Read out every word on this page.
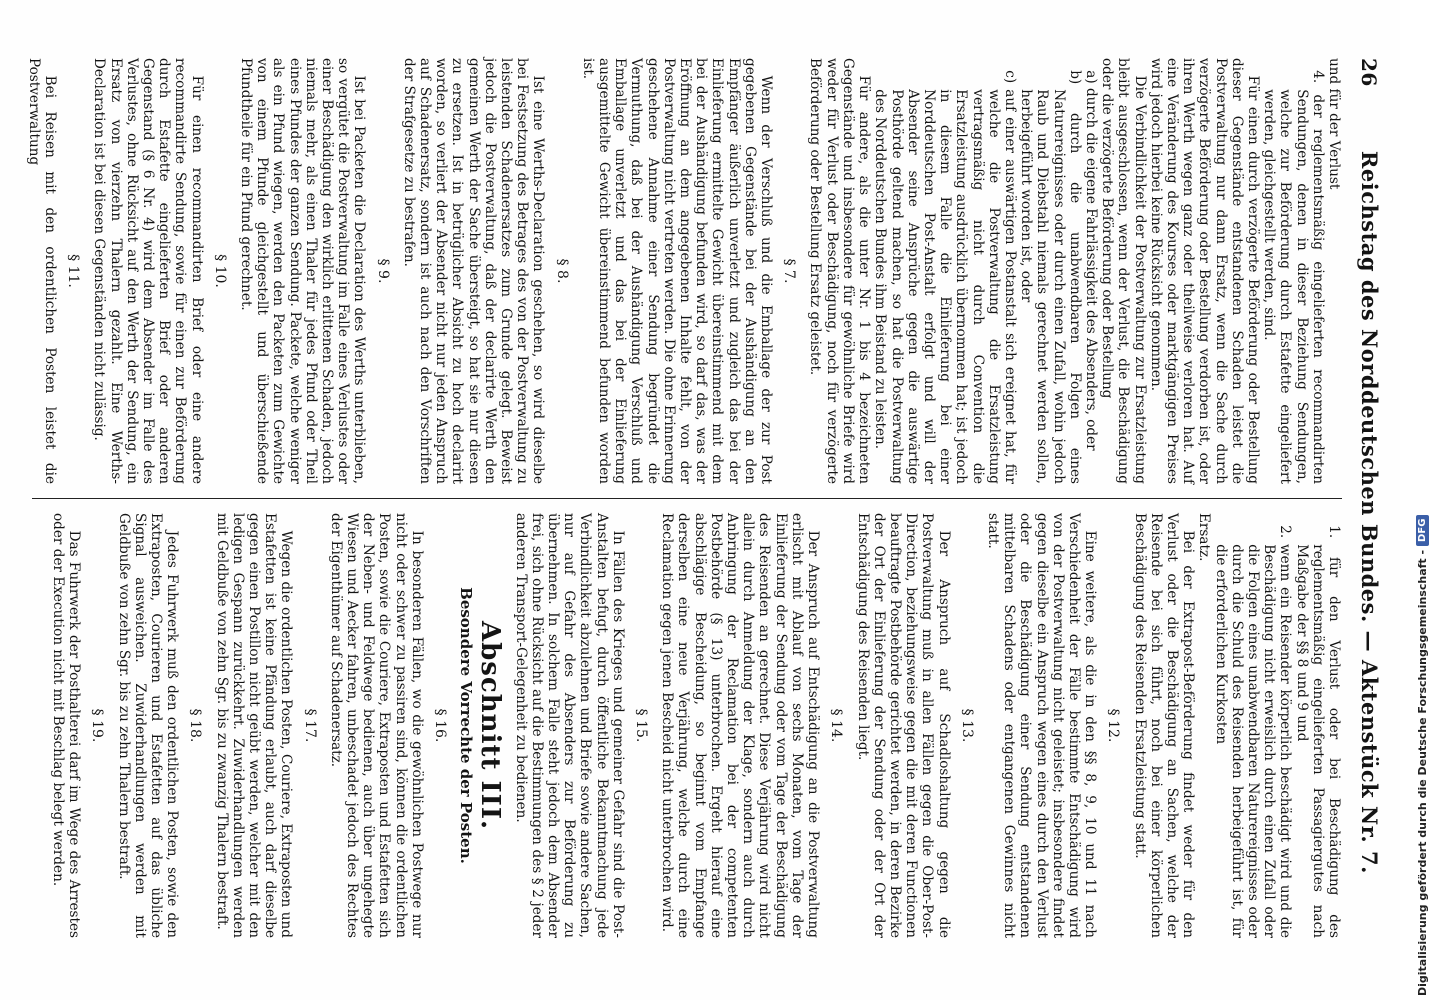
26
Reichstag des Norddeutschen Bundes. — Aktenstück Nr. 7.
und für der Verlust
4. der reglementsmäßig eingelieferten recommandirten Sendungen, denen in dieser Beziehung Sendungen, welche zur Beförderung durch Estafette eingeliefert werden, gleichgestellt werden, sind.
Für einen durch verzögerte Beförderung oder Bestellung dieser Gegenstände entstandenen Schaden leistet die Postverwaltung nur dann Ersatz, wenn die Sache durch verzögerte Beförderung oder Bestellung verdorben ist, oder ihren Werth wegen ganz oder theilweise verloren hat. Auf eine Veränderung des Kourses oder marktgängigen Preises wird jedoch hierbei keine Rücksicht genommen.
Die Verbindlichkeit der Postverwaltung zur Ersatzleistung bleibt ausgeschlossen, wenn der Verlust, die Beschädigung oder die verzögerte Beförderung oder Bestellung
a) durch die eigene Fahrlässigkeit des Absenders, oder
b) durch die unabwendbaren Folgen eines Naturereignisses oder durch einen Zufall, wohin jedoch Raub und Diebstahl niemals gerechnet werden sollen, herbeigeführt worden ist, oder
c) auf einer auswärtigen Postanstalt sich ereignet hat, für welche die Postverwaltung die Ersatzleistung vertragsmäßig nicht durch Convention die Ersatzleistung ausdrücklich übernommen hat; ist jedoch in diesem Falle die Einlieferung bei einer Norddeutschen Post-Anstalt erfolgt und will der Absender seine Ansprüche gegen die auswärtige Posthörde geltend machen, so hat die Postverwaltung des Norddeutschen Bundes ihm Beistand zu leisten.
Für andere, als die unter Nr. 1 bis 4 bezeichneten Gegenstände und insbesondere für gewöhnliche Briefe wird weder für Verlust oder Beschädigung, noch für verzögerte Beförderung oder Bestellung Ersatz geleistet.
§ 7.
Wenn der Verschluß und die Emballage der zur Post gegebenen Gegenstände bei der Aushändigung an den Empfänger äußerlich unverletzt und zugleich das bei der Einlieferung ermittelte Gewicht übereinstimmend mit dem bei der Aushändigung befunden wird, so darf das, was der Eröffnung an dem angegebenen Inhalte fehlt, von der Postverwaltung nicht vertreten werden. Die ohne Erinnerung geschehene Annahme einer Sendung begründet die Vermuthung, daß bei der Aushändigung Verschluß und Emballage unverletzt und das bei der Einlieferung ausgemittelte Gewicht übereinstimmend befunden worden ist.
§ 8.
Ist eine Werths-Declaration geschehen, so wird dieselbe bei Festsetzung des Betrages des von der Postverwaltung zu leistenden Schadenersatzes zum Grunde gelegt. Beweist jedoch die Postverwaltung, daß der declarirte Werth den gemeinen Werth der Sache übersteigt, so hat sie nur diesen zu ersetzen. Ist in betrüglicher Absicht zu hoch declarirt worden, so verliert der Absender nicht nur jeden Anspruch auf Schadenersatz, sondern ist auch nach den Vorschriften der Strafgesetze zu bestrafen.
§ 9.
Ist bei Packeten die Declaration des Werths unterblieben, so vergütet die Postverwaltung im Falle eines Verlustes oder einer Beschädigung den wirklich erlittenen Schaden, jedoch niemals mehr, als einen Thaler für jedes Pfund oder Theil eines Pfundes der ganzen Sendung. Packete, welche weniger als ein Pfund wiegen, werden den Packeten zum Gewichte von einem Pfunde gleichgestellt und überschießende Pfundtheile für ein Pfund gerechnet.
§ 10.
Für einen recommandirten Brief oder eine andere recommandirte Sendung, sowie für einen zur Beförderung durch Estafette eingelieferten Brief oder anderen Gegenstand (§ 6 Nr. 4) wird dem Absender im Falle des Verlustes, ohne Rücksicht auf den Werth der Sendung, ein Ersatz von vierzehn Thalern gezahlt. Eine Werths-Declaration ist bei diesen Gegenständen nicht zulässig.
§ 11.
Bei Reisen mit den ordentlichen Posten leistet die Postverwaltung
1. für den Verlust oder bei Beschädigung des reglementsmäßig eingelieferten Passagiergutes nach Maßgabe der §§ 8 und 9 und
2. wenn ein Reisender körperlich beschädigt wird und die Beschädigung nicht erweislich durch einen Zufall oder die Folgen eines unabwendbaren Naturereignisses oder durch die Schuld des Reisenden herbeigeführt ist, für die erforderlichen Kurkosten
Ersatz.
Bei der Extrapost-Beförderung findet weder für den Verlust oder die Beschädigung an Sachen, welche der Reisende bei sich führt, noch bei einer körperlichen Beschädigung des Reisenden Ersatzleistung statt.
§ 12.
Eine weitere, als die in den §§ 8, 9, 10 und 11 nach Verschiedenheit der Fälle bestimmte Entschädigung wird von der Postverwaltung nicht geleistet; insbesondere findet gegen dieselbe ein Anspruch wegen eines durch den Verlust oder die Beschädigung einer Sendung entstandenen mittelbaren Schadens oder entgangenen Gewinnes nicht statt.
§ 13.
Der Anspruch auf Schadloshaltung gegen die Postverwaltung muß in allen Fällen gegen die Ober-Post-Direction, beziehungsweise gegen die mit deren Functionen beauftragte Postbehörde gerichtet werden, in deren Bezirke der Ort der Einlieferung der Sendung oder der Ort der Entschädigung des Reisenden liegt.
§ 14.
Der Anspruch auf Entschädigung an die Postverwaltung erlischt mit Ablauf von sechs Monaten, vom Tage der Einlieferung der Sendung oder vom Tage der Beschädigung des Reisenden an gerechnet. Diese Verjährung wird nicht allein durch Anmeldung der Klage, sondern auch durch Anbringung der Reclamation bei der competenten Postbehörde (§ 13) unterbrochen. Ergeht hierauf eine abschlägige Bescheidung, so beginnt vom Empfange derselben eine neue Verjährung, welche durch eine Reclamation gegen jenen Bescheid nicht unterbrochen wird.
§ 15.
In Fällen des Krieges und gemeiner Gefahr sind die Post-Anstalten befugt, durch öffentliche Bekanntmachung jede Verbindlichkeit abzulehnen und Briefe sowie andere Sachen, nur auf Gefahr des Absenders zur Beförderung zu übernehmen. In solchem Falle steht jedoch dem Absender frei, sich ohne Rücksicht auf die Bestimmungen des § 2 jeder anderen Transport-Gelegenheit zu bedienen.
Abschnitt III.
Besondere Vorrechte der Posten.
§ 16.
In besonderen Fällen, wo die gewöhnlichen Postwege nur nicht oder schwer zu passiren sind, können die ordentlichen Posten, sowie die Couriere, Extraposten und Estafetten sich der Neben- und Feldwege bedienen, auch über ungehegte Wiesen und Aecker fahren, unbeschadet jedoch des Rechtes der Eigenthümer auf Schadenersatz.
§ 17.
Wegen die ordentlichen Posten, Couriere, Extraposten und Estafetten ist keine Pfändung erlaubt, auch darf dieselbe gegen einen Postillon nicht geübt werden, welcher mit den ledigen Gespann zurückkehrt. Zuwiderhandlungen werden mit Geldbuße von zehn Sgr. bis zu zwanzig Thalern bestraft.
§ 18.
Jedes Fuhrwerk muß den ordentlichen Posten, sowie den Extraposten, Courieren und Estafetten auf das übliche Signal ausweichen. Zuwiderhandlungen werden mit Geldbuße von zehn Sgr. bis zu zehn Thalern bestraft.
§ 19.
Das Fuhrwerk der Posthalterei darf im Wege des Arrestes oder der Execution nicht mit Beschlag belegt werden.	Digitalisierung gefördert durch die Deutsche Forschungsgemeinschaft -
DFG
